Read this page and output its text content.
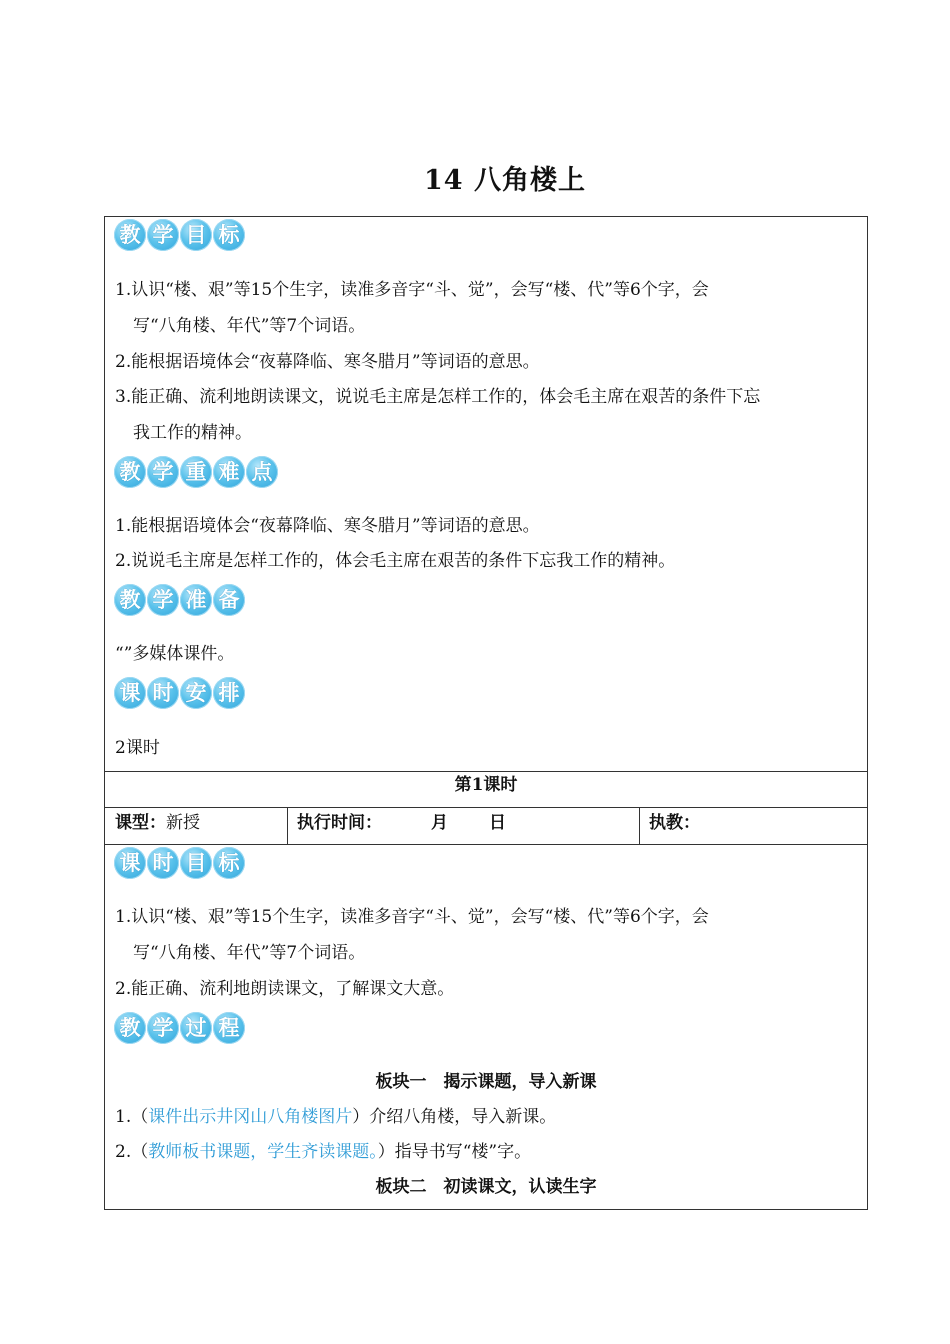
14 八角楼上
教 学 目 标
1.认识“楼、艰”等15个生字，读准多音字“斗、觉”，会写“楼、代”等6个字，会
写“八角楼、年代”等7个词语。
2.能根据语境体会“夜幕降临、寒冬腊月”等词语的意思。
3.能正确、流利地朗读课文，说说毛主席是怎样工作的，体会毛主席在艰苦的条件下忘
我工作的精神。
教 学 重 难 点
1.能根据语境体会“夜幕降临、寒冬腊月”等词语的意思。
2.说说毛主席是怎样工作的，体会毛主席在艰苦的条件下忘我工作的精神。
教 学 准 备
“”多媒体课件。
课 时 安 排
2课时
第1课时
课型：新授	执行时间：	月 日	执教：
课 时 目 标
1.认识“楼、艰”等15个生字，读准多音字“斗、觉”，会写“楼、代”等6个字，会
写“八角楼、年代”等7个词语。
2.能正确、流利地朗读课文，了解课文大意。
教 学 过 程
板块一　揭示课题，导入新课
1.（课件出示井冈山八角楼图片）介绍八角楼，导入新课。
2.（教师板书课题，学生齐读课题。）指导书写“楼”字。
板块二　初读课文，认读生字
